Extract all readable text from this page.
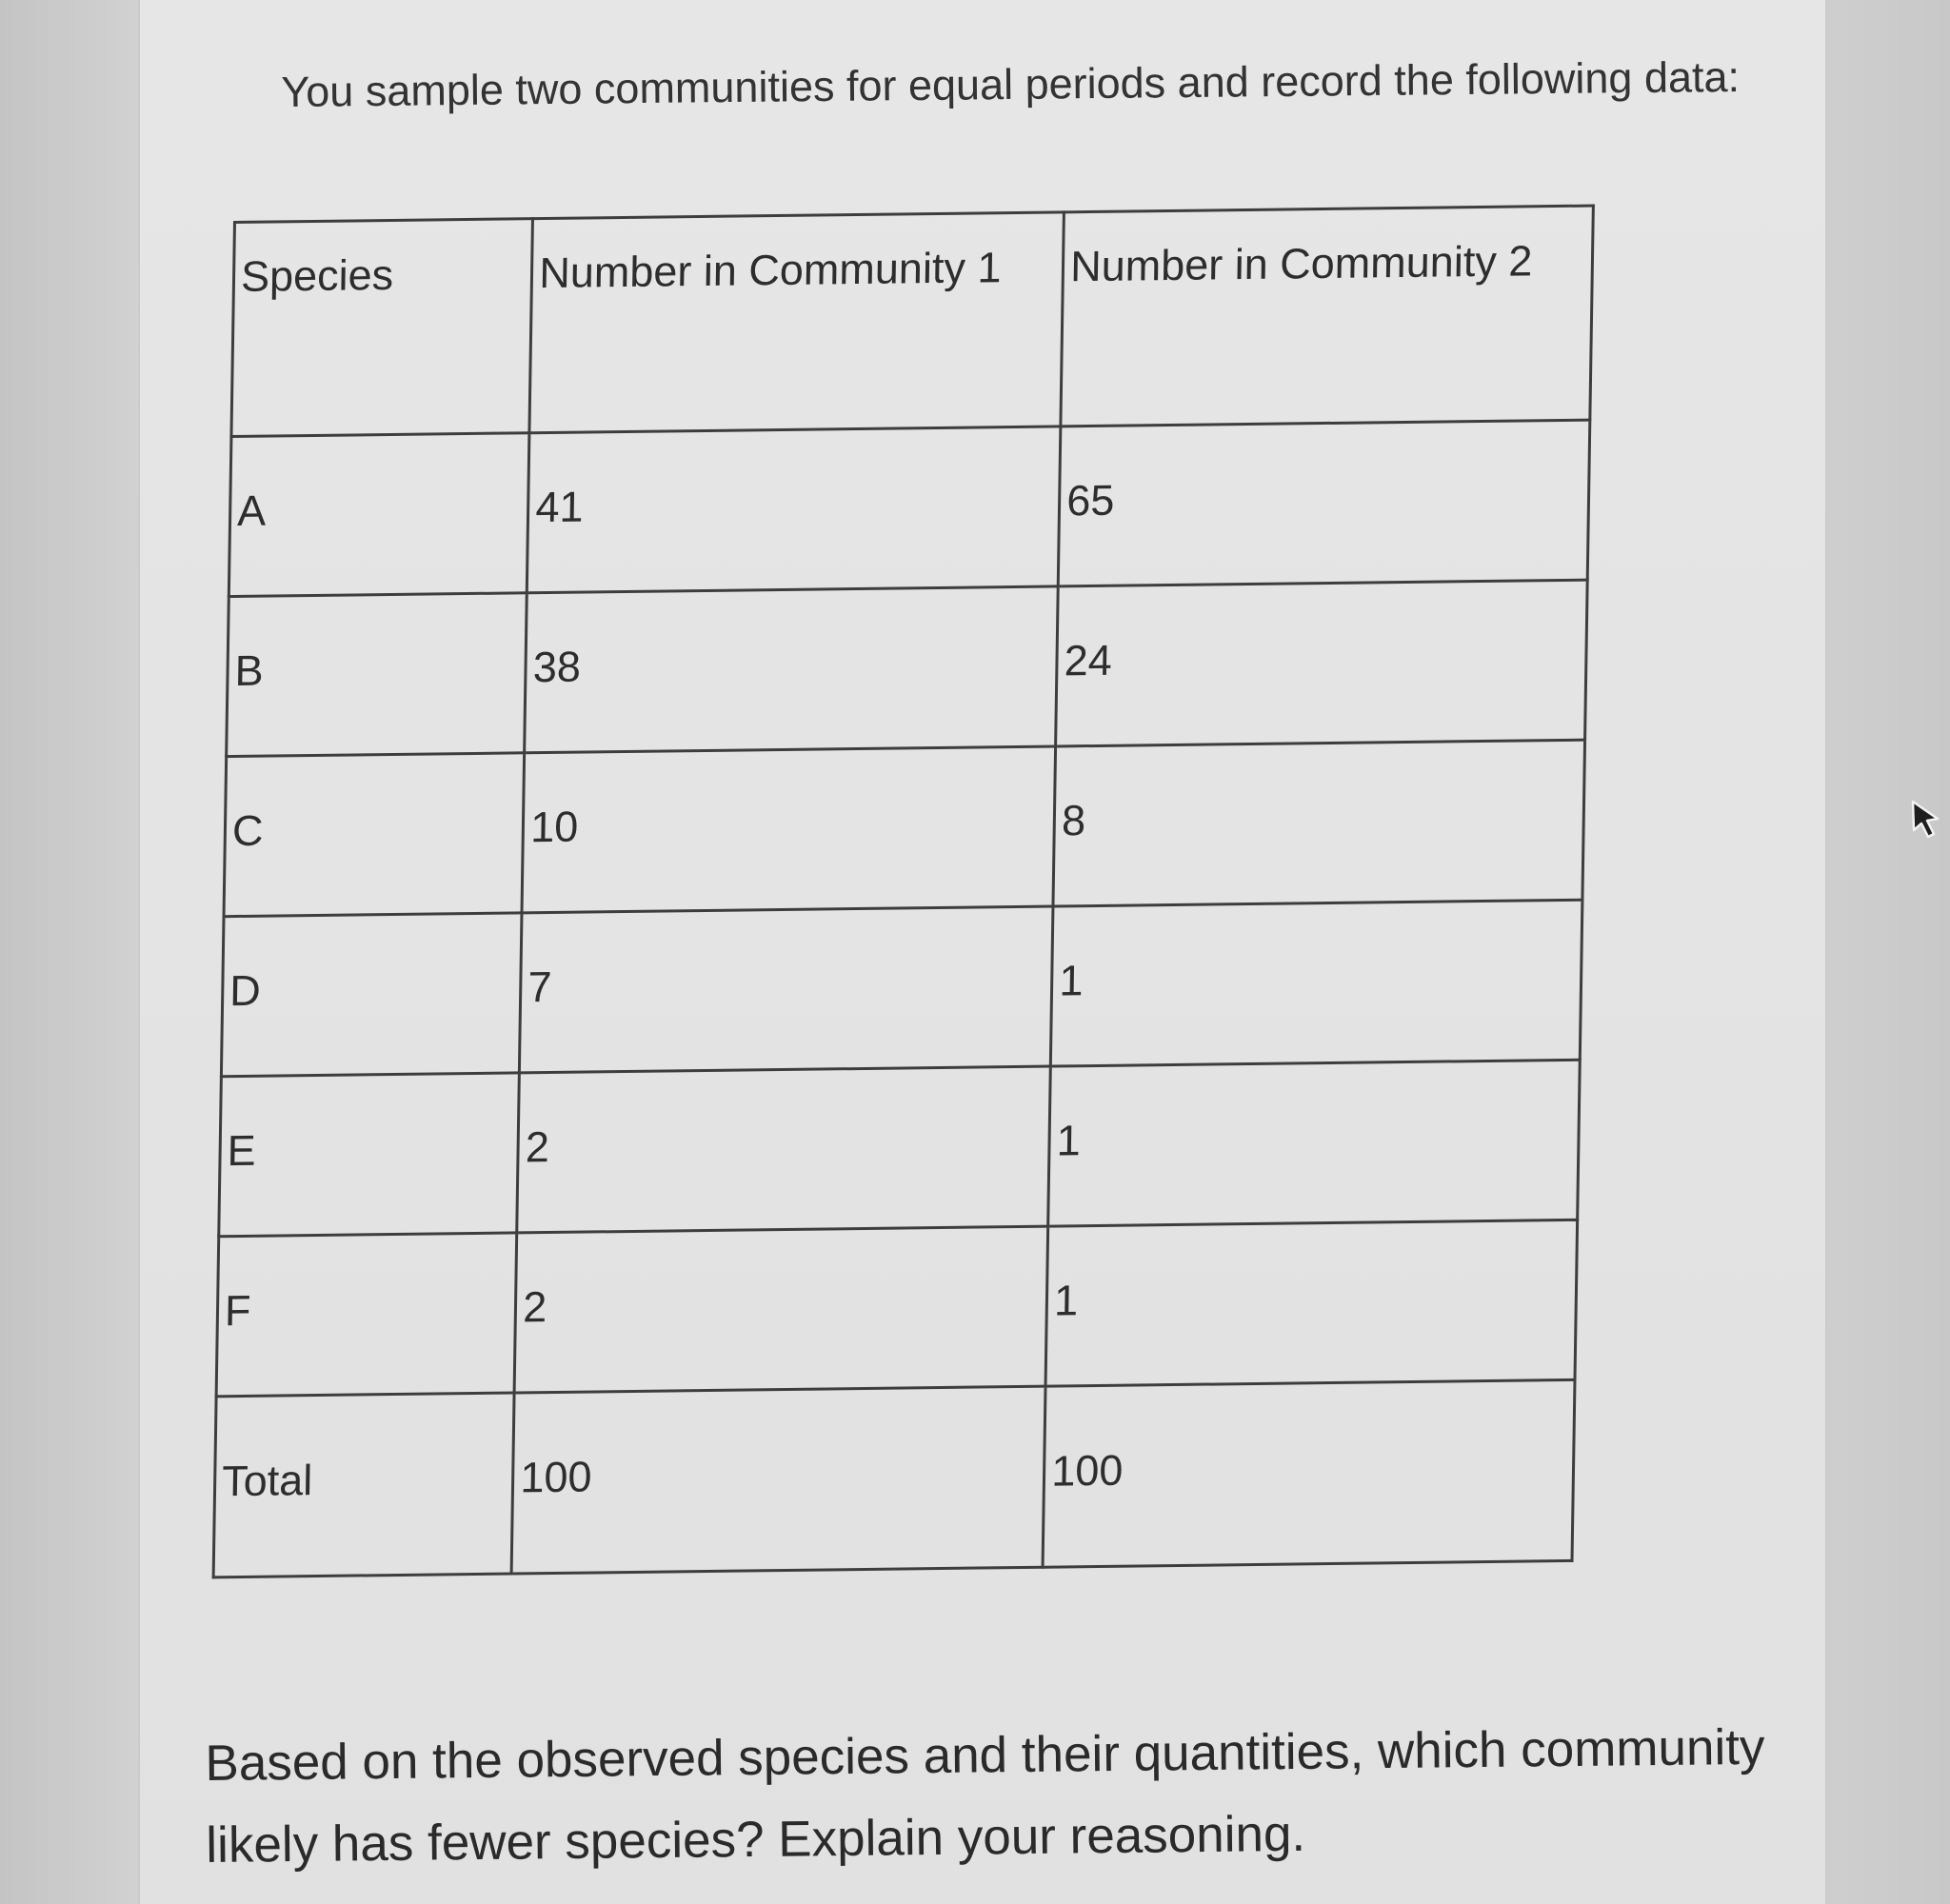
You sample two communities for equal periods and record the following data:
Species	Number in Community 1	Number in Community 2
A	41	65
B	38	24
C	10	8
D	7	1
E	2	1
F	2	1
Total	100	100
Based on the observed species and their quantities, which community likely has fewer species? Explain your reasoning.
